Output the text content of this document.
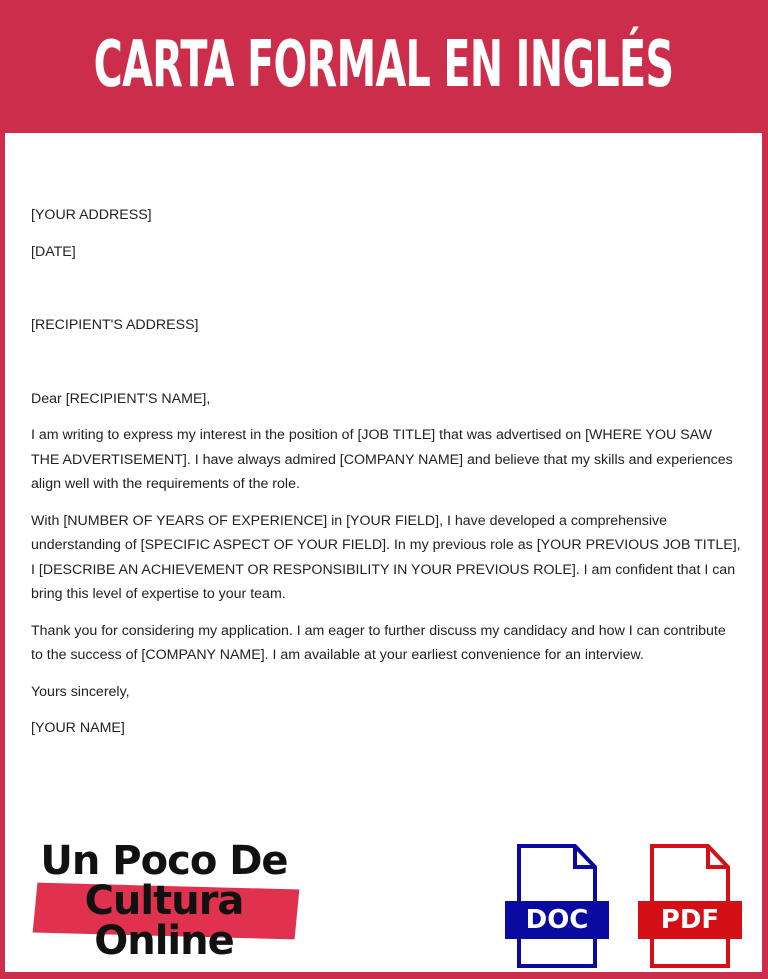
CARTA FORMAL EN INGLÉS

[YOUR ADDRESS]

[DATE]

[RECIPIENT'S ADDRESS]

Dear [RECIPIENT'S NAME],

I am writing to express my interest in the position of [JOB TITLE] that was advertised on [WHERE YOU SAW THE ADVERTISEMENT]. I have always admired [COMPANY NAME] and believe that my skills and experiences align well with the requirements of the role.

With [NUMBER OF YEARS OF EXPERIENCE] in [YOUR FIELD], I have developed a comprehensive understanding of [SPECIFIC ASPECT OF YOUR FIELD]. In my previous role as [YOUR PREVIOUS JOB TITLE], I [DESCRIBE AN ACHIEVEMENT OR RESPONSIBILITY IN YOUR PREVIOUS ROLE]. I am confident that I can bring this level of expertise to your team.

Thank you for considering my application. I am eager to further discuss my candidacy and how I can contribute to the success of [COMPANY NAME]. I am available at your earliest convenience for an interview.

Yours sincerely,

[YOUR NAME]

Un Poco De
Cultura
Online	DOC	PDF
